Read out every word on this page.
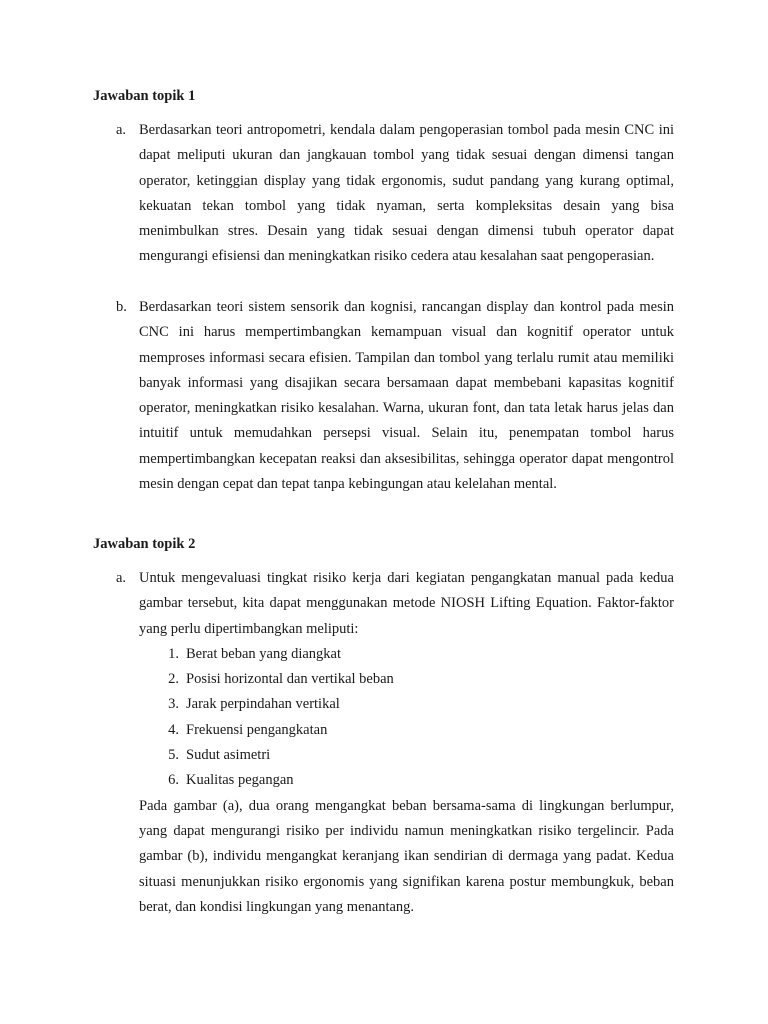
Jawaban topik 1
a. Berdasarkan teori antropometri, kendala dalam pengoperasian tombol pada mesin CNC ini dapat meliputi ukuran dan jangkauan tombol yang tidak sesuai dengan dimensi tangan operator, ketinggian display yang tidak ergonomis, sudut pandang yang kurang optimal, kekuatan tekan tombol yang tidak nyaman, serta kompleksitas desain yang bisa menimbulkan stres. Desain yang tidak sesuai dengan dimensi tubuh operator dapat mengurangi efisiensi dan meningkatkan risiko cedera atau kesalahan saat pengoperasian.
b. Berdasarkan teori sistem sensorik dan kognisi, rancangan display dan kontrol pada mesin CNC ini harus mempertimbangkan kemampuan visual dan kognitif operator untuk memproses informasi secara efisien. Tampilan dan tombol yang terlalu rumit atau memiliki banyak informasi yang disajikan secara bersamaan dapat membebani kapasitas kognitif operator, meningkatkan risiko kesalahan. Warna, ukuran font, dan tata letak harus jelas dan intuitif untuk memudahkan persepsi visual. Selain itu, penempatan tombol harus mempertimbangkan kecepatan reaksi dan aksesibilitas, sehingga operator dapat mengontrol mesin dengan cepat dan tepat tanpa kebingungan atau kelelahan mental.
Jawaban topik 2
a. Untuk mengevaluasi tingkat risiko kerja dari kegiatan pengangkatan manual pada kedua gambar tersebut, kita dapat menggunakan metode NIOSH Lifting Equation. Faktor-faktor yang perlu dipertimbangkan meliputi:

1. Berat beban yang diangkat
2. Posisi horizontal dan vertikal beban
3. Jarak perpindahan vertikal
4. Frekuensi pengangkatan
5. Sudut asimetri
6. Kualitas pegangan

Pada gambar (a), dua orang mengangkat beban bersama-sama di lingkungan berlumpur, yang dapat mengurangi risiko per individu namun meningkatkan risiko tergelincir. Pada gambar (b), individu mengangkat keranjang ikan sendirian di dermaga yang padat. Kedua situasi menunjukkan risiko ergonomis yang signifikan karena postur membungkuk, beban berat, dan kondisi lingkungan yang menantang.
